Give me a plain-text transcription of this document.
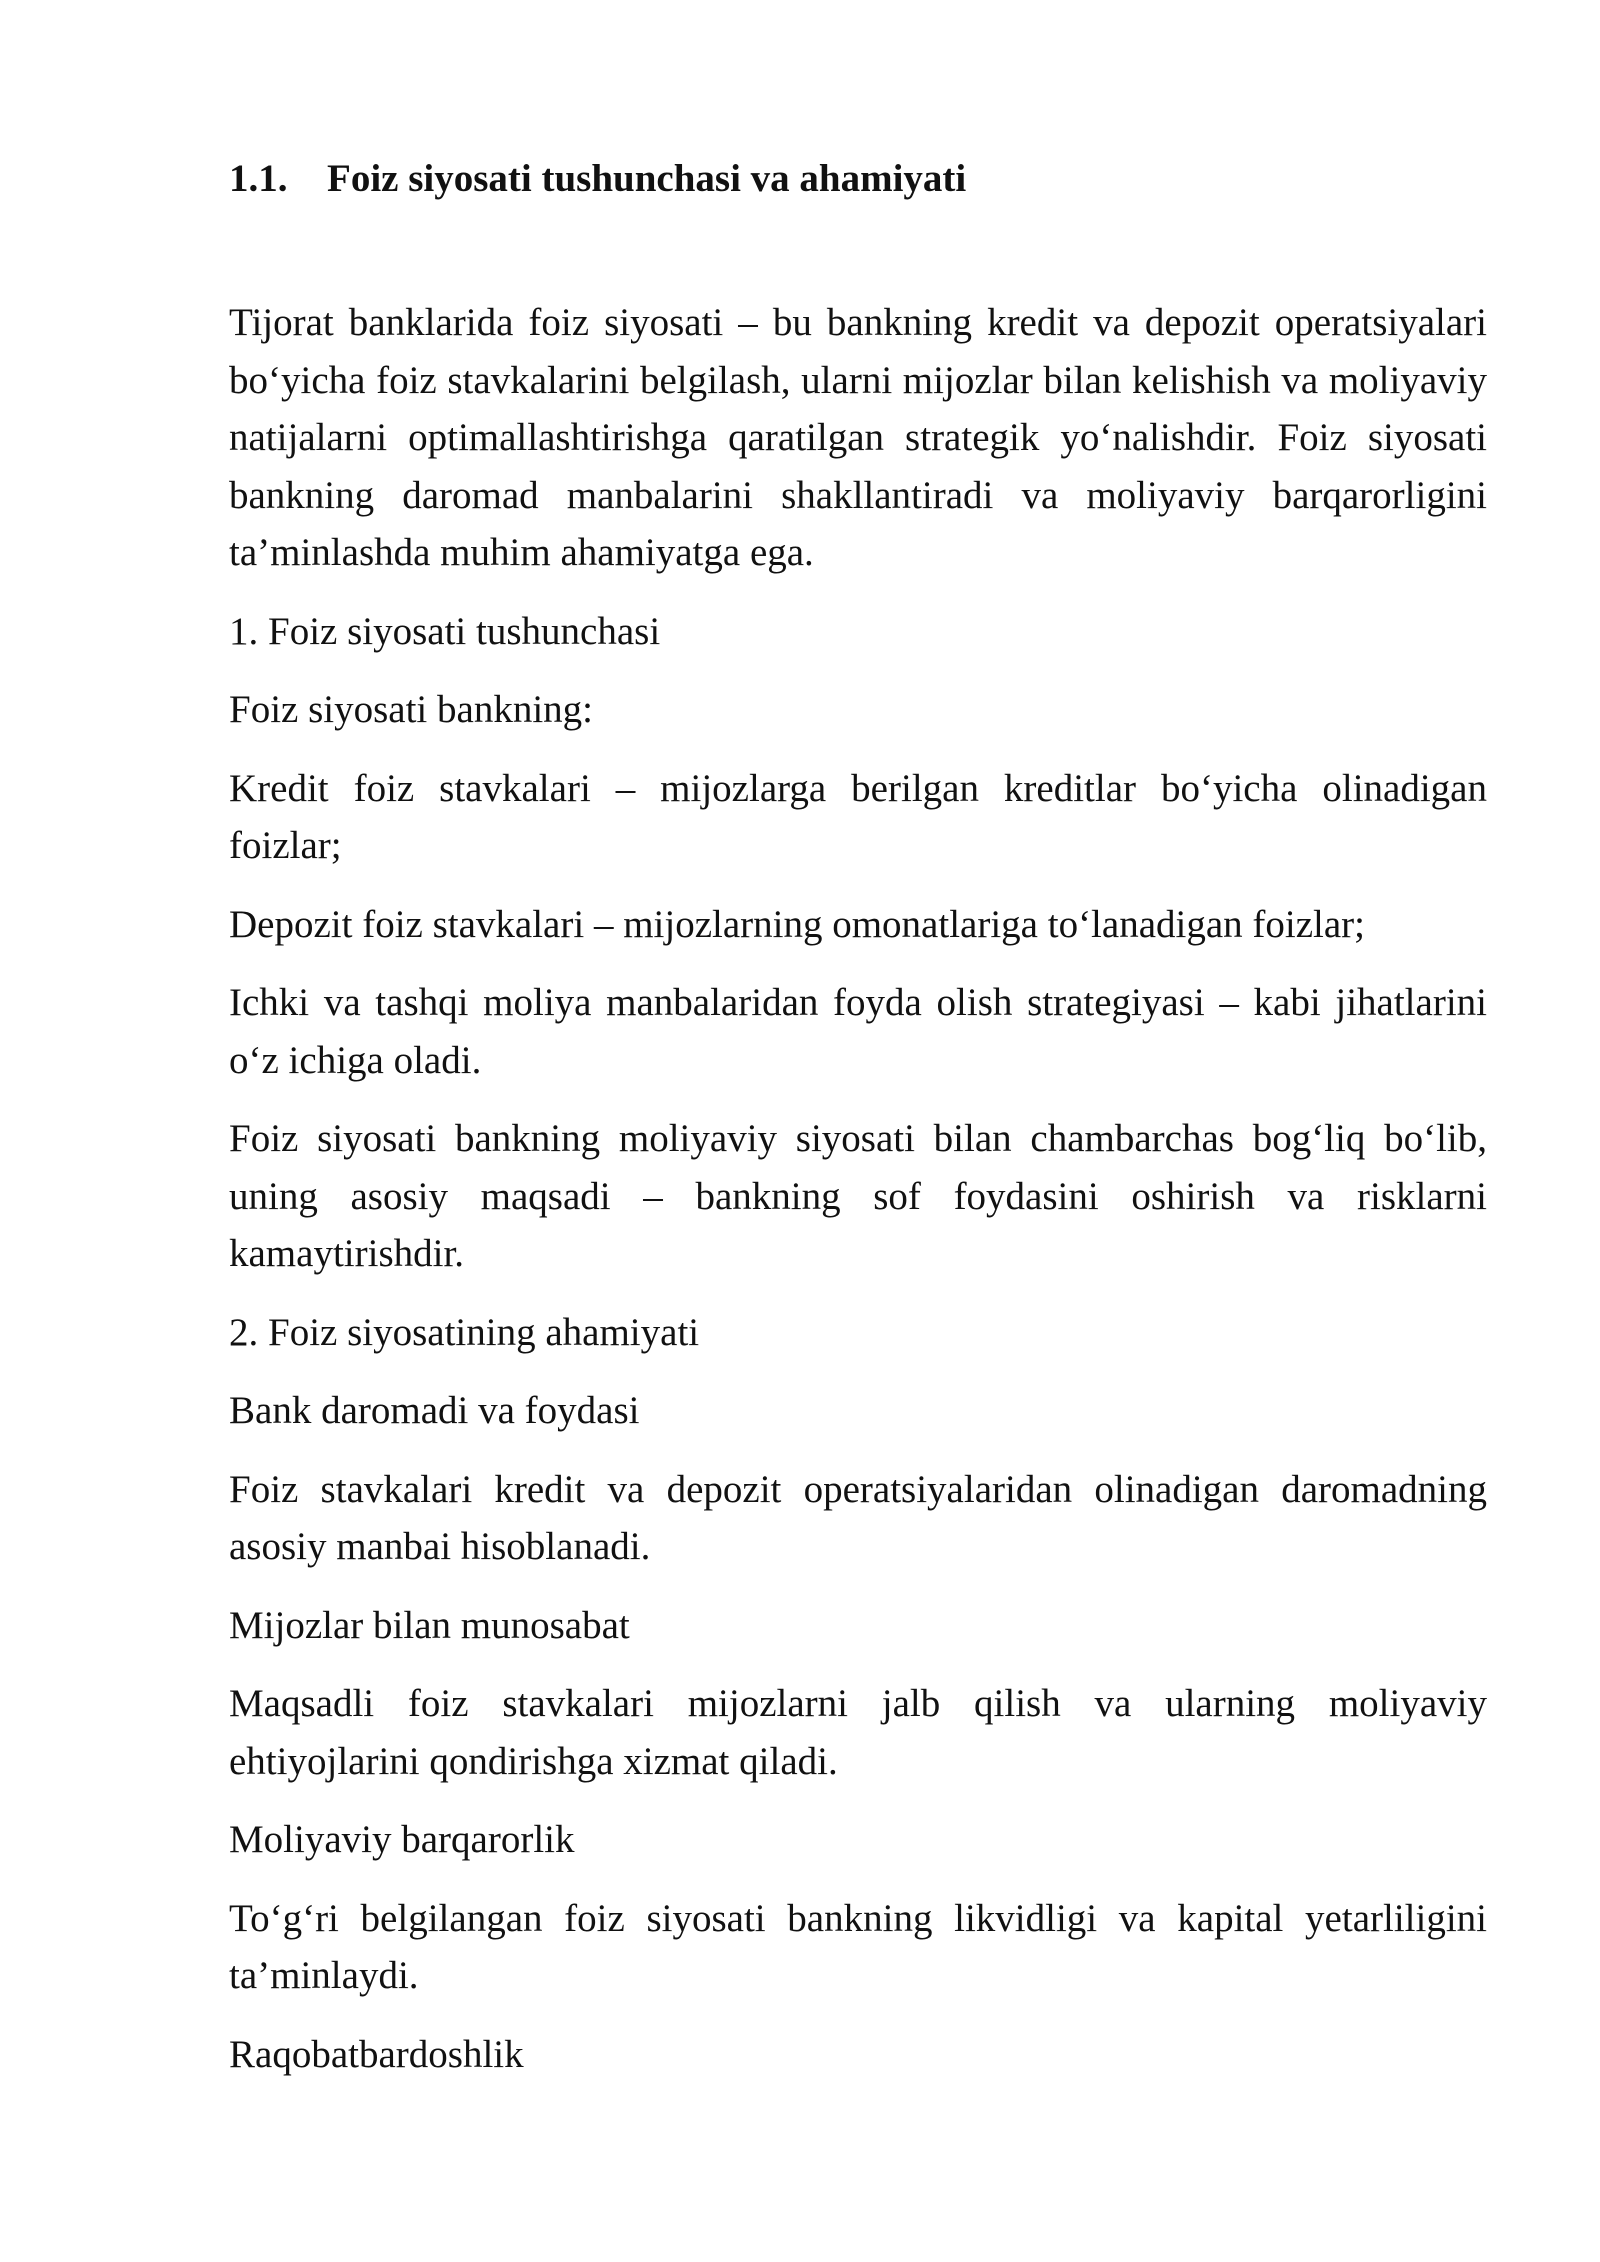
1.1. Foiz siyosati tushunchasi va ahamiyati

Tijorat banklarida foiz siyosati – bu bankning kredit va depozit operatsiyalari bo‘yicha foiz stavkalarini belgilash, ularni mijozlar bilan kelishish va moliyaviy natijalarni optimallashtirishga qaratilgan strategik yo‘nalishdir. Foiz siyosati bankning daromad manbalarini shakllantiradi va moliyaviy barqarorligini ta’minlashda muhim ahamiyatga ega.

1. Foiz siyosati tushunchasi

Foiz siyosati bankning:

Kredit foiz stavkalari – mijozlarga berilgan kreditlar bo‘yicha olinadigan foizlar;

Depozit foiz stavkalari – mijozlarning omonatlariga to‘lanadigan foizlar;

Ichki va tashqi moliya manbalaridan foyda olish strategiyasi – kabi jihatlarini o‘z ichiga oladi.

Foiz siyosati bankning moliyaviy siyosati bilan chambarchas bog‘liq bo‘lib, uning asosiy maqsadi – bankning sof foydasini oshirish va risklarni kamaytirishdir.

2. Foiz siyosatining ahamiyati

Bank daromadi va foydasi

Foiz stavkalari kredit va depozit operatsiyalaridan olinadigan daromadning asosiy manbai hisoblanadi.

Mijozlar bilan munosabat

Maqsadli foiz stavkalari mijozlarni jalb qilish va ularning moliyaviy ehtiyojlarini qondirishga xizmat qiladi.

Moliyaviy barqarorlik

To‘g‘ri belgilangan foiz siyosati bankning likvidligi va kapital yetarliligini ta’minlaydi.

Raqobatbardoshlik
